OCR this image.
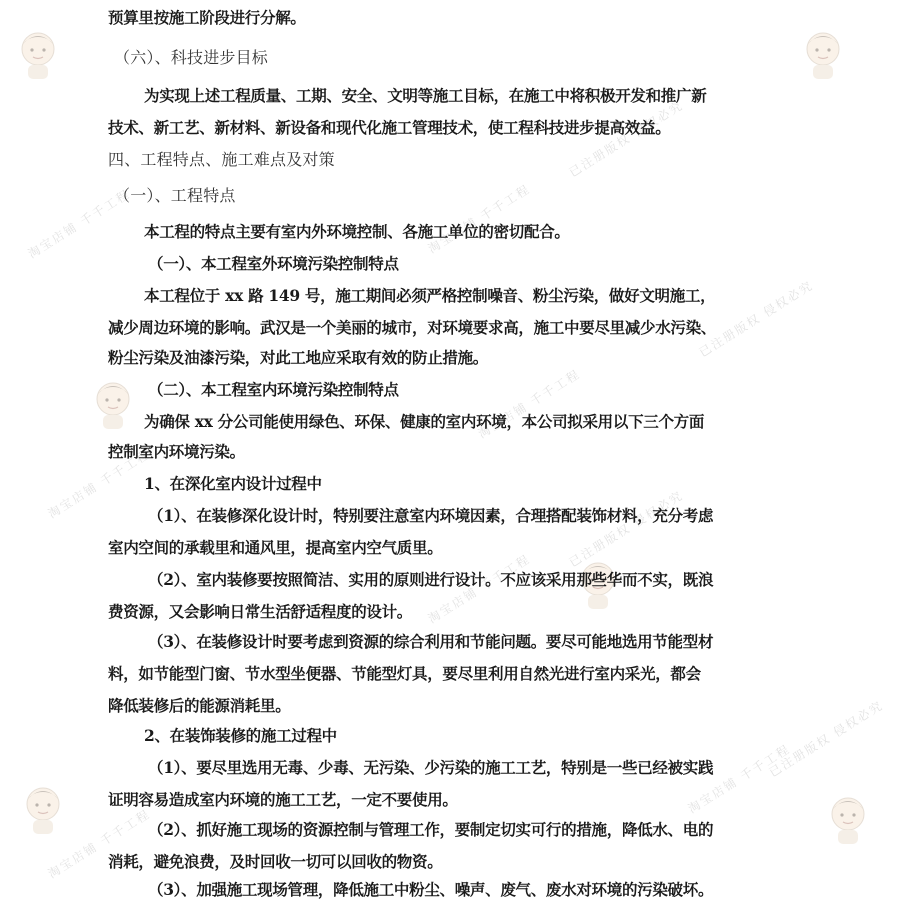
淘宝店铺 千千工程	淘宝店铺 千千工程
已注册版权 侵权必究
已注册版权 侵权必究
淘宝店铺 千千工程
淘宝店铺 千千工程
已注册版权 侵权必究
淘宝店铺 千千工程
已注册版权 侵权必究
淘宝店铺 千千工程
淘宝店铺 千千工程
预算里按施工阶段进行分解。
（六）、科技进步目标
为实现上述工程质量、工期、安全、文明等施工目标，在施工中将积极开发和推广新
技术、新工艺、新材料、新设备和现代化施工管理技术，使工程科技进步提高效益。
四、工程特点、施工难点及对策
（一）、工程特点
本工程的特点主要有室内外环境控制、各施工单位的密切配合。
（一）、本工程室外环境污染控制特点
本工程位于 xx 路 149 号，施工期间必须严格控制噪音、粉尘污染，做好文明施工，
减少周边环境的影响。武汉是一个美丽的城市，对环境要求高，施工中要尽里减少水污染、
粉尘污染及油漆污染，对此工地应采取有效的防止措施。
（二）、本工程室内环境污染控制特点
为确保 xx 分公司能使用绿色、环保、健康的室内环境，本公司拟采用以下三个方面
控制室内环境污染。
1、在深化室内设计过程中
（1）、在装修深化设计时，特别要注意室内环境因素，合理搭配装饰材料，充分考虑
室内空间的承载里和通风里，提高室内空气质里。
（2）、室内装修要按照简洁、实用的原则进行设计。不应该采用那些华而不实，既浪
费资源，又会影响日常生活舒适程度的设计。
（3）、在装修设计时要考虑到资源的综合利用和节能问题。要尽可能地选用节能型材
料，如节能型门窗、节水型坐便器、节能型灯具，要尽里利用自然光进行室内采光，都会
降低装修后的能源消耗里。
2、在装饰装修的施工过程中
（1）、要尽里选用无毒、少毒、无污染、少污染的施工工艺，特别是一些已经被实践
证明容易造成室内环境的施工工艺，一定不要使用。
（2）、抓好施工现场的资源控制与管理工作，要制定切实可行的措施，降低水、电的
消耗，避免浪费，及时回收一切可以回收的物资。
（3）、加强施工现场管理，降低施工中粉尘、噪声、废气、废水对环境的污染破坏。
